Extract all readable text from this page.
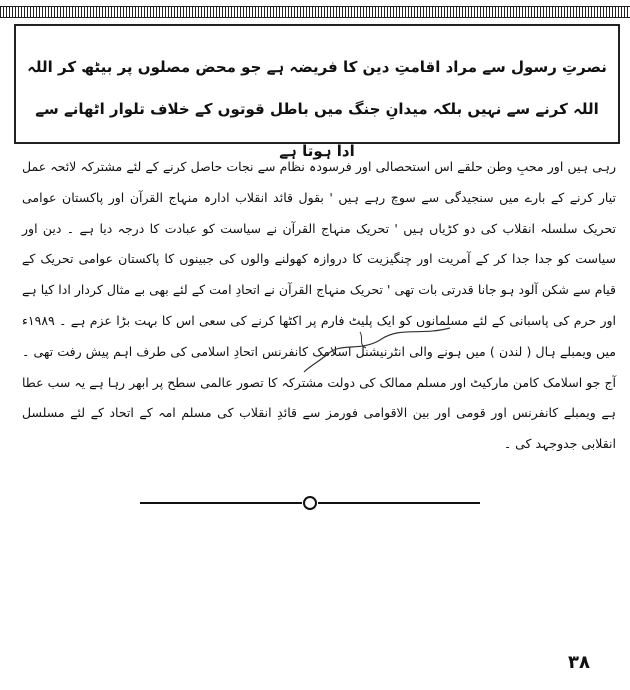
نصرتِ رسول سے مراد اقامتِ دین کا فریضہ ہے جو محض مصلوں پر بیٹھ کر اللہ اللہ کرنے سے نہیں بلکہ میدانِ جنگ میں باطل قوتوں کے خلاف تلوار اٹھانے سے ادا ہوتا ہے

رہی ہیں اور محبِ وطن حلقے اس استحصالی اور فرسودہ نظام سے نجات حاصل کرنے کے لئے مشترکہ لائحہ عمل تیار کرنے کے بارے میں سنجیدگی سے سوچ رہے ہیں ' بقول قائد انقلاب ادارہ منہاج القرآن اور پاکستان عوامی تحریک سلسلہ انقلاب کی دو کڑیاں ہیں ' تحریک منہاج القرآن نے سیاست کو عبادت کا درجہ دیا ہے ۔ دین اور سیاست کو جدا جدا کر کے آمریت اور چنگیزیت کا دروازہ کھولنے والوں کی جبینوں کا پاکستان عوامی تحریک کے قیام سے شکن آلود ہو جانا قدرتی بات تھی ' تحریک منہاج القرآن نے اتحادِ امت کے لئے بھی بے مثال کردار ادا کیا ہے اور حرم کی پاسبانی کے لئے مسلمانوں کو ایک پلیٹ فارم پر اکٹھا کرنے کی سعی اس کا بہت بڑا عزم ہے ۔ ۱۹۸۹ء میں ویمبلے ہال ( لندن ) میں ہونے والی انٹرنیشنل اسلامک کانفرنس اتحادِ اسلامی کی طرف اہم پیش رفت تھی ۔ آج جو اسلامک کامن مارکیٹ اور مسلم ممالک کی دولت مشترکہ کا تصور عالمی سطح پر ابھر رہا ہے یہ سب عطا ہے ویمبلے کانفرنس اور قومی اور بین الاقوامی فورمز سے قائدِ انقلاب کی مسلم امہ کے اتحاد کے لئے مسلسل انقلابی جدوجہد کی ۔

۳۸
